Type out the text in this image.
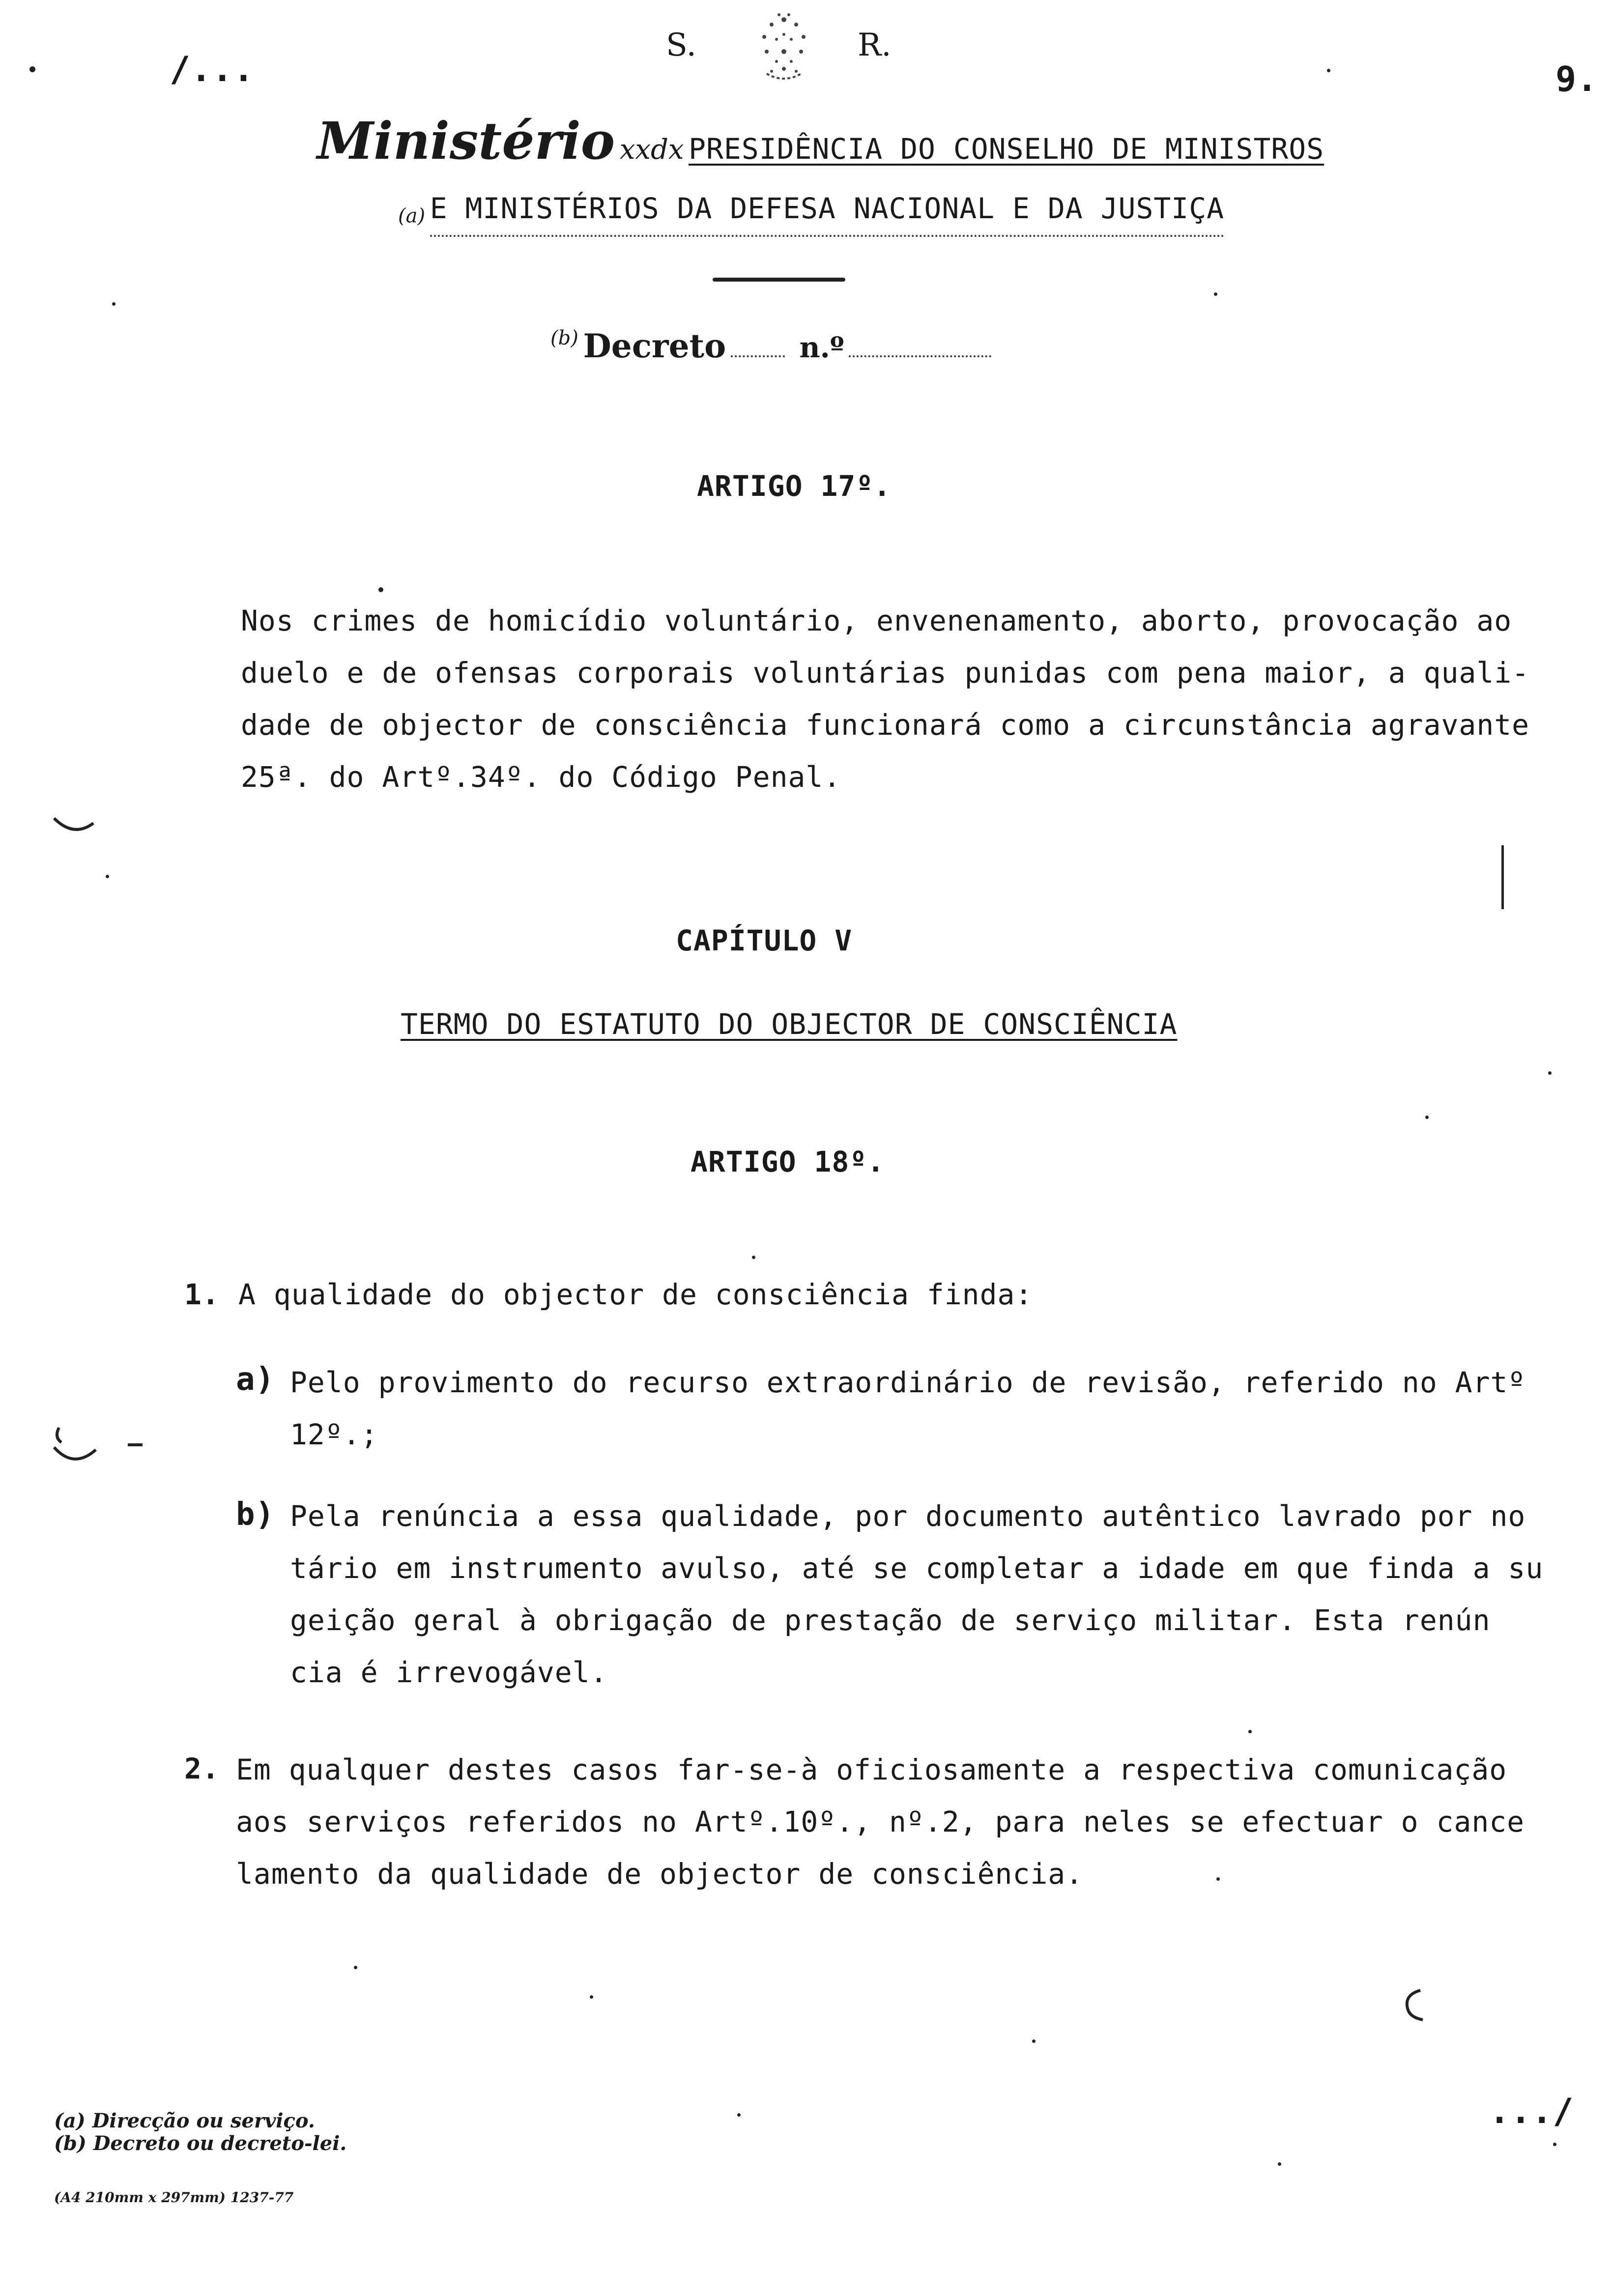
/...
S.	R.
9.
Ministério xxdx PRESIDÊNCIA DO CONSELHO DE MINISTROS
(a) E MINISTÉRIOS DA DEFESA NACIONAL E DA JUSTIÇA
(b) Decreto	n.º
ARTIGO 17º.

Nos crimes de homicídio voluntário, envenenamento, aborto, provocação ao

duelo e de ofensas corporais voluntárias punidas com pena maior, a quali-

dade de objector de consciência funcionará como a circunstância agravante

25ª. do Artº.34º. do Código Penal.

CAPÍTULO V
TERMO DO ESTATUTO DO OBJECTOR DE CONSCIÊNCIA
ARTIGO 18º.
1. A qualidade do objector de consciência finda:
a) Pelo provimento do recurso extraordinário de revisão, referido no Artº

12º.;

b) Pela renúncia a essa qualidade, por documento autêntico lavrado por no

tário em instrumento avulso, até se completar a idade em que finda a su

geição geral à obrigação de prestação de serviço militar. Esta renún

cia é irrevogável.

2. Em qualquer destes casos far-se-à oficiosamente a respectiva comunicação

aos serviços referidos no Artº.10º., nº.2, para neles se efectuar o cance

lamento da qualidade de objector de consciência.

.../
(a) Direcção ou serviço.
(b) Decreto ou decreto-lei.
(A4 210mm x 297mm) 1237-77
